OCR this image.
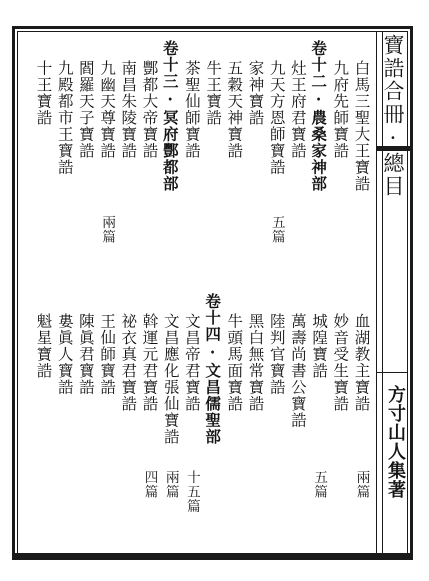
寶誥合冊·總目
方寸山人集著
白馬三聖大王寶誥
九府先師寶誥
卷十二·農桑家神部
灶王府君寶誥
九天方恩師寶誥
家神寶誥
五穀天神寶誥
牛王寶誥
茶聖仙師寶誥
卷十三·冥府酆都部
酆都大帝寶誥
南昌朱陵寶誥
九幽天尊寶誥
閻羅天子寶誥
九殿都市王寶誥
十王寶誥
血湖教主寶誥
妙音受生寶誥
城隍寶誥
萬壽尚書公寶誥
陸判官寶誥
黑白無常寶誥
牛頭馬面寶誥
卷十四·文昌儒聖部
文昌帝君寶誥
文昌應化張仙寶誥
斡運元君寶誥
祕衣真君寶誥
王仙師寶誥
陳眞君寶誥
婁眞人寶誥
魁星寶誥
五篇
兩篇
兩篇
五篇
十五篇
兩篇
四篇
